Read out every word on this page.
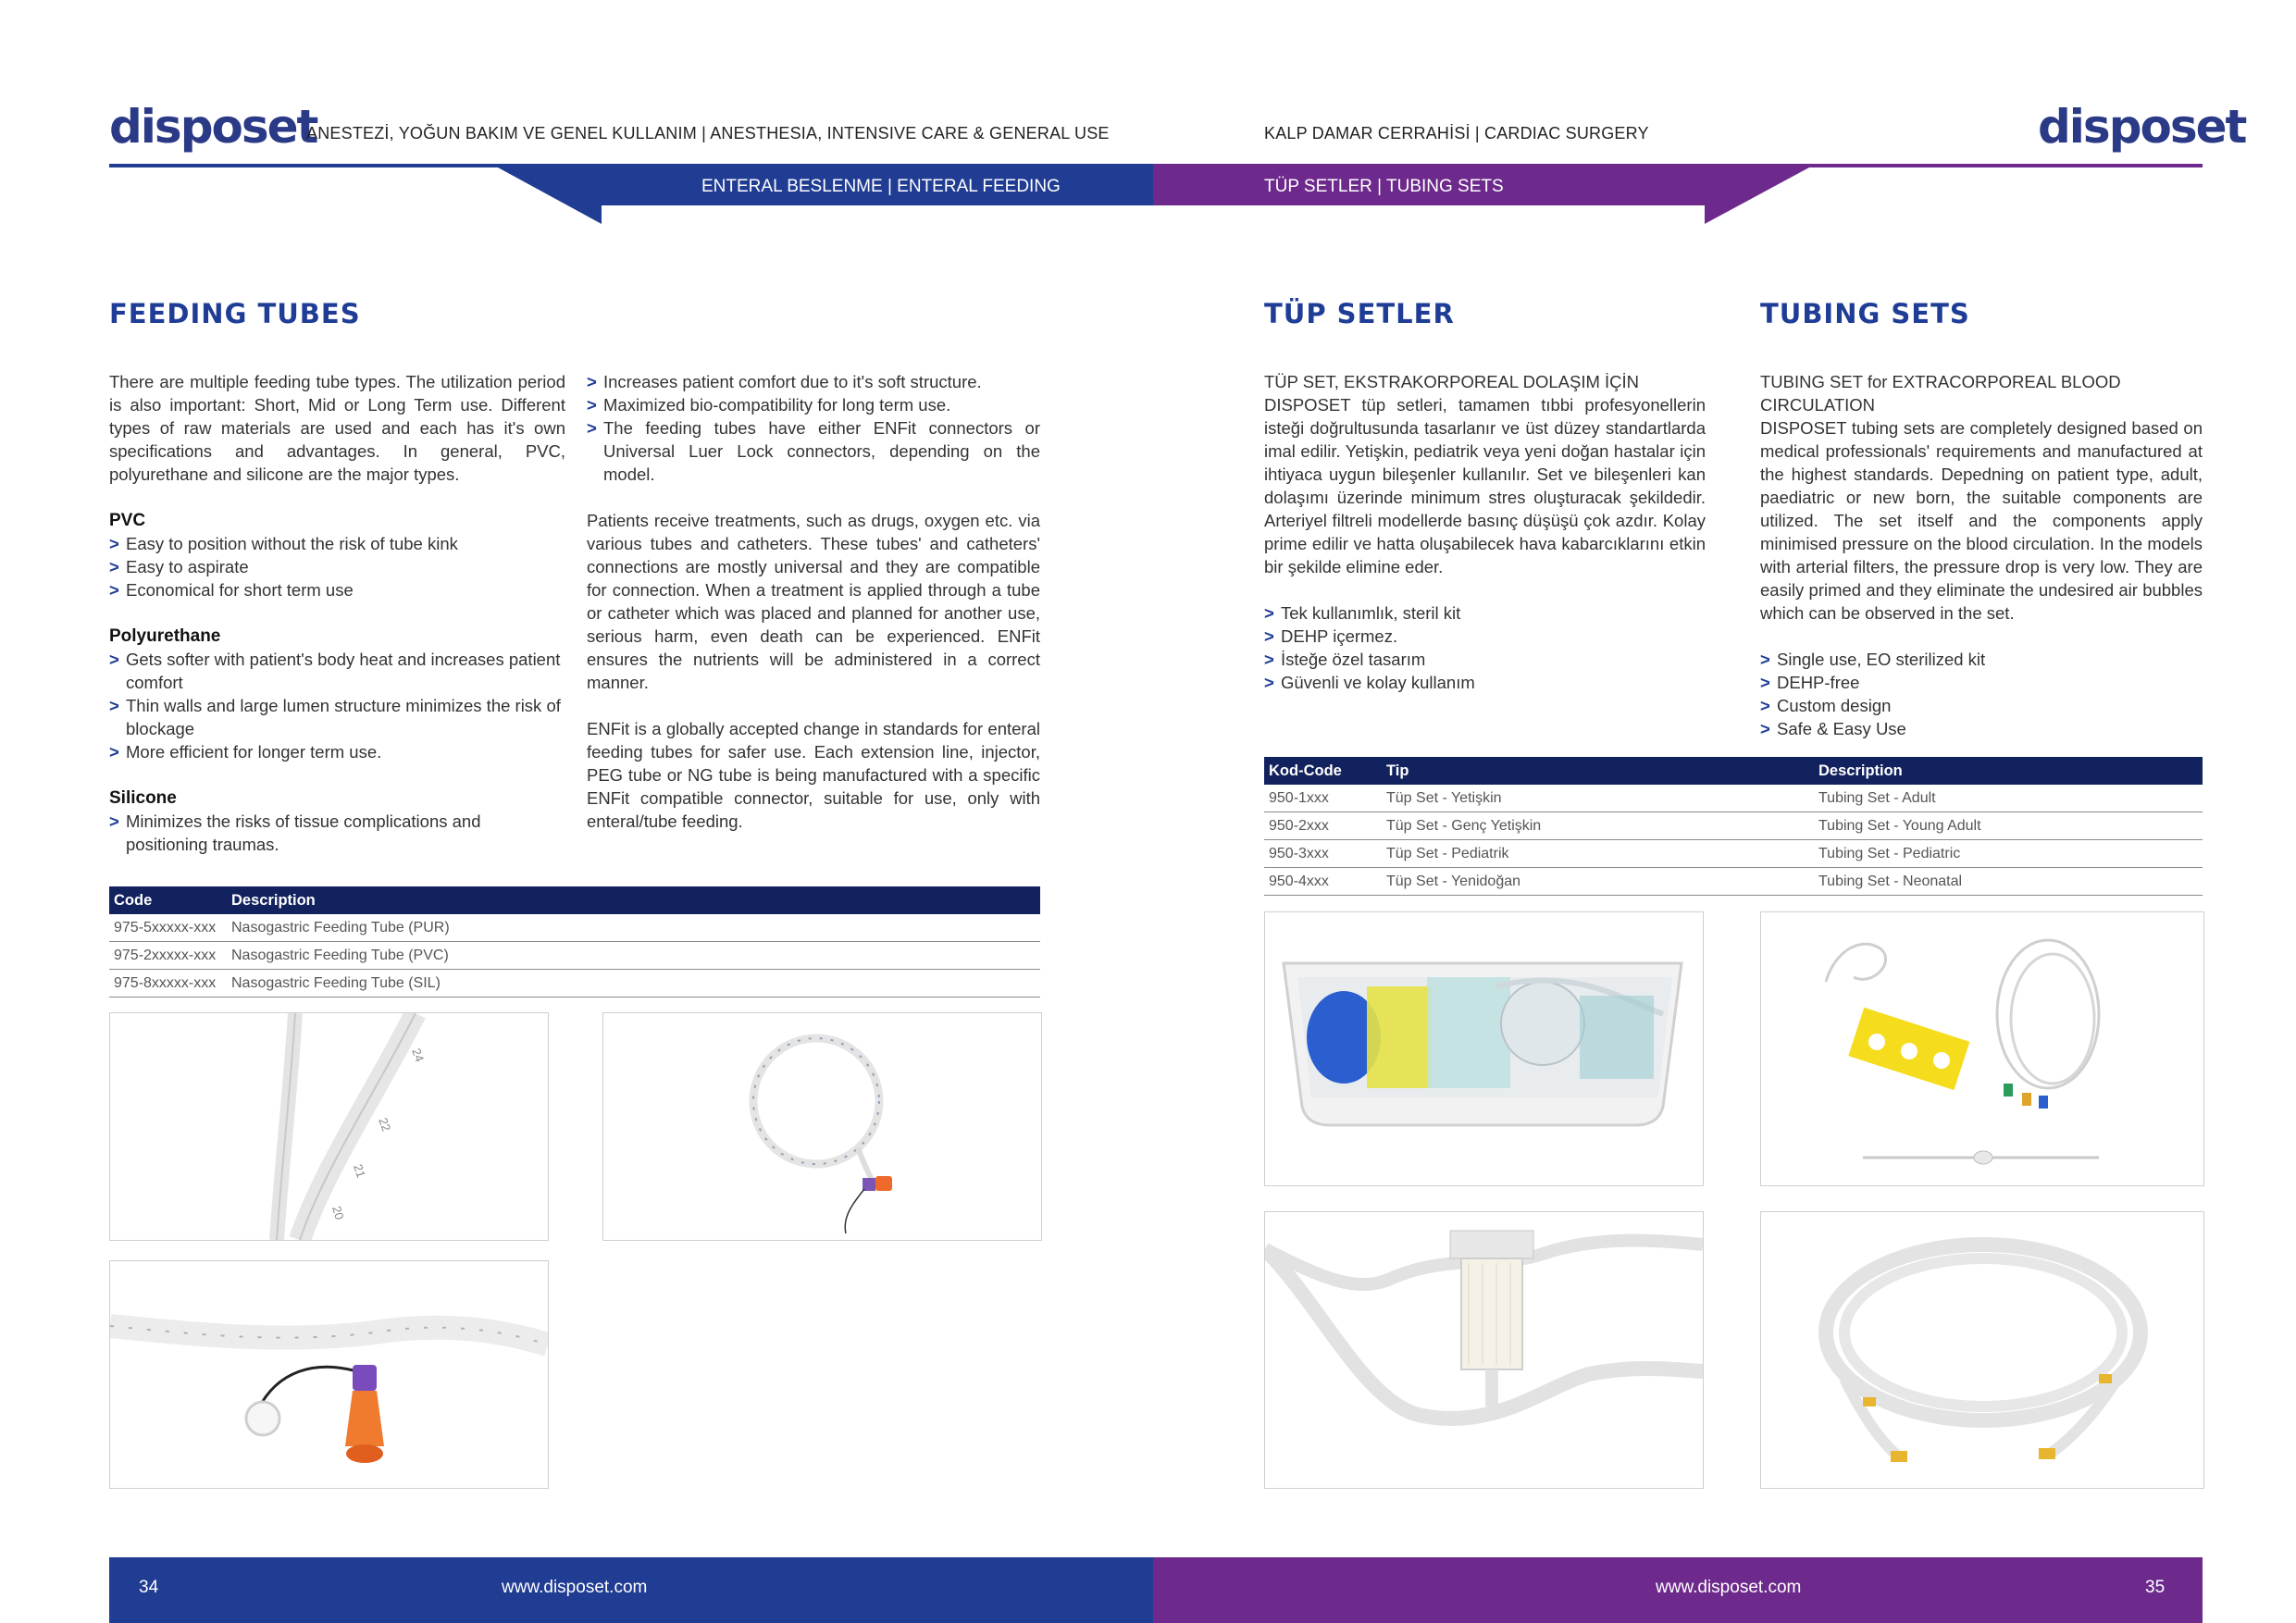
disposet
ANESTEZİ, YOĞUN BAKIM VE GENEL KULLANIM | ANESTHESIA, INTENSIVE CARE & GENERAL USE	KALP DAMAR CERRAHİSİ | CARDIAC SURGERY	disposet
ENTERAL BESLENME | ENTERAL FEEDING	TÜP SETLER | TUBING SETS
FEEDING TUBES

There are multiple feeding tube types. The utilization period is also important: Short, Mid or Long Term use. Different types of raw materials are used and each has it's own specifications and advantages. In general, PVC, polyurethane and silicone are the major types.

PVC

> Easy to position without the risk of tube kink
> Easy to aspirate
> Economical for short term use

Polyurethane

> Gets softer with patient's body heat and increases patient comfort
> Thin walls and large lumen structure minimizes the risk of blockage
> More efficient for longer term use.

Silicone

> Minimizes the risks of tissue complications and positioning traumas.
> Increases patient comfort due to it's soft structure.
> Maximized bio-compatibility for long term use.
> The feeding tubes have either ENFit connectors or Universal Luer Lock connectors, depending on the model.

Patients receive treatments, such as drugs, oxygen etc. via various tubes and catheters. These tubes' and catheters' connections are mostly universal and they are compatible for connection. When a treatment is applied through a tube or catheter which was placed and planned for another use, serious harm, even death can be experienced. ENFit ensures the nutrients will be administered in a correct manner.

ENFit is a globally accepted change in standards for enteral feeding tubes for safer use. Each extension line, injector, PEG tube or NG tube is being manufactured with a specific ENFit compatible connector, suitable for use, only with enteral/tube feeding.

Code	Description
975-5xxxxx-xxx	Nasogastric Feeding Tube (PUR)
975-2xxxxx-xxx	Nasogastric Feeding Tube (PVC)
975-8xxxxx-xxx	Nasogastric Feeding Tube (SIL)
24
22
21
20
TÜP SETLER	TUBING SETS

TÜP SET, EKSTRAKORPOREAL DOLAŞIM İÇİN

DISPOSET tüp setleri, tamamen tıbbi profesyonellerin isteği doğrultusunda tasarlanır ve üst düzey standartlarda imal edilir. Yetişkin, pediatrik veya yeni doğan hastalar için ihtiyaca uygun bileşenler kullanılır. Set ve bileşenleri kan dolaşımı üzerinde minimum stres oluşturacak şekildedir. Arteriyel filtreli modellerde basınç düşüşü çok azdır. Kolay prime edilir ve hatta oluşabilecek hava kabarcıklarını etkin bir şekilde elimine eder.

> Tek kullanımlık, steril kit
> DEHP içermez.
> İsteğe özel tasarım
> Güvenli ve kolay kullanım

TUBING SET for EXTRACORPOREAL BLOOD CIRCULATION

DISPOSET tubing sets are completely designed based on medical professionals' requirements and manufactured at the highest standards. Depedning on patient type, adult, paediatric or new born, the suitable components are utilized. The set itself and the components apply minimised pressure on the blood circulation. In the models with arterial filters, the pressure drop is very low. They are easily primed and they eliminate the undesired air bubbles which can be observed in the set.

> Single use, EO sterilized kit
> DEHP-free
> Custom design
> Safe & Easy Use
Kod-Code	Tip	Description
950-1xxx	Tüp Set - Yetişkin	Tubing Set - Adult
950-2xxx	Tüp Set - Genç Yetişkin	Tubing Set - Young Adult
950-3xxx	Tüp Set - Pediatrik	Tubing Set - Pediatric
950-4xxx	Tüp Set - Yenidoğan	Tubing Set - Neonatal
34	www.disposet.com	www.disposet.com	35
